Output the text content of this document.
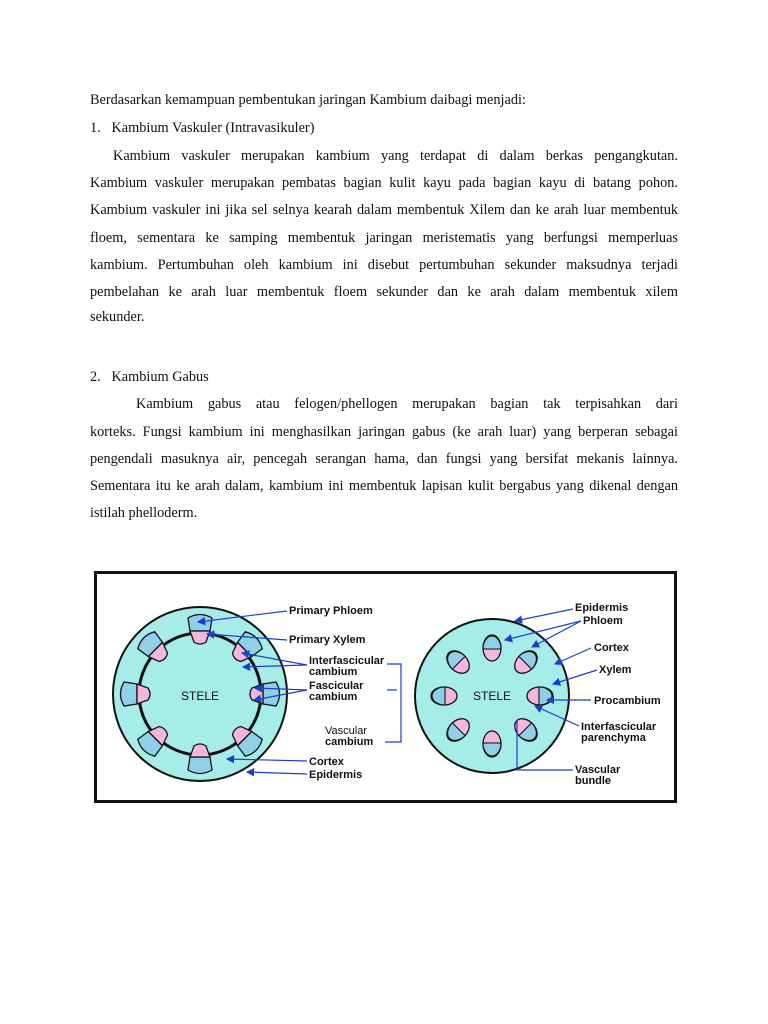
Berdasarkan kemampuan pembentukan jaringan Kambium daibagi menjadi:
1.   Kambium Vaskuler (Intravasikuler)
Kambium vaskuler merupakan kambium yang terdapat di dalam berkas pengangkutan.
Kambium vaskuler merupakan pembatas bagian kulit kayu pada bagian kayu di batang pohon.
Kambium vaskuler ini jika sel selnya kearah dalam membentuk Xilem dan ke arah luar membentuk
floem, sementara ke samping membentuk jaringan meristematis yang berfungsi memperluas
kambium. Pertumbuhan oleh kambium ini disebut pertumbuhan sekunder maksudnya terjadi
pembelahan ke arah luar membentuk floem sekunder dan ke arah dalam membentuk xilem
sekunder.
2.   Kambium Gabus
Kambium gabus atau felogen/phellogen merupakan bagian tak terpisahkan dari
korteks. Fungsi kambium ini menghasilkan jaringan gabus (ke arah luar) yang berperan sebagai
pengendali masuknya air, pencegah serangan hama, dan fungsi yang bersifat mekanis lainnya.
Sementara itu ke arah dalam, kambium ini membentuk lapisan kulit bergabus yang dikenal dengan
istilah phelloderm.
STELE
Primary Phloem
Primary Xylem
Interfascicular
cambium
Fascicular
cambium
Vascular
cambium
Cortex
Epidermis
STELE
Epidermis
Phloem
Cortex
Xylem
Procambium
Interfascicular
parenchyma
Vascular
bundle
